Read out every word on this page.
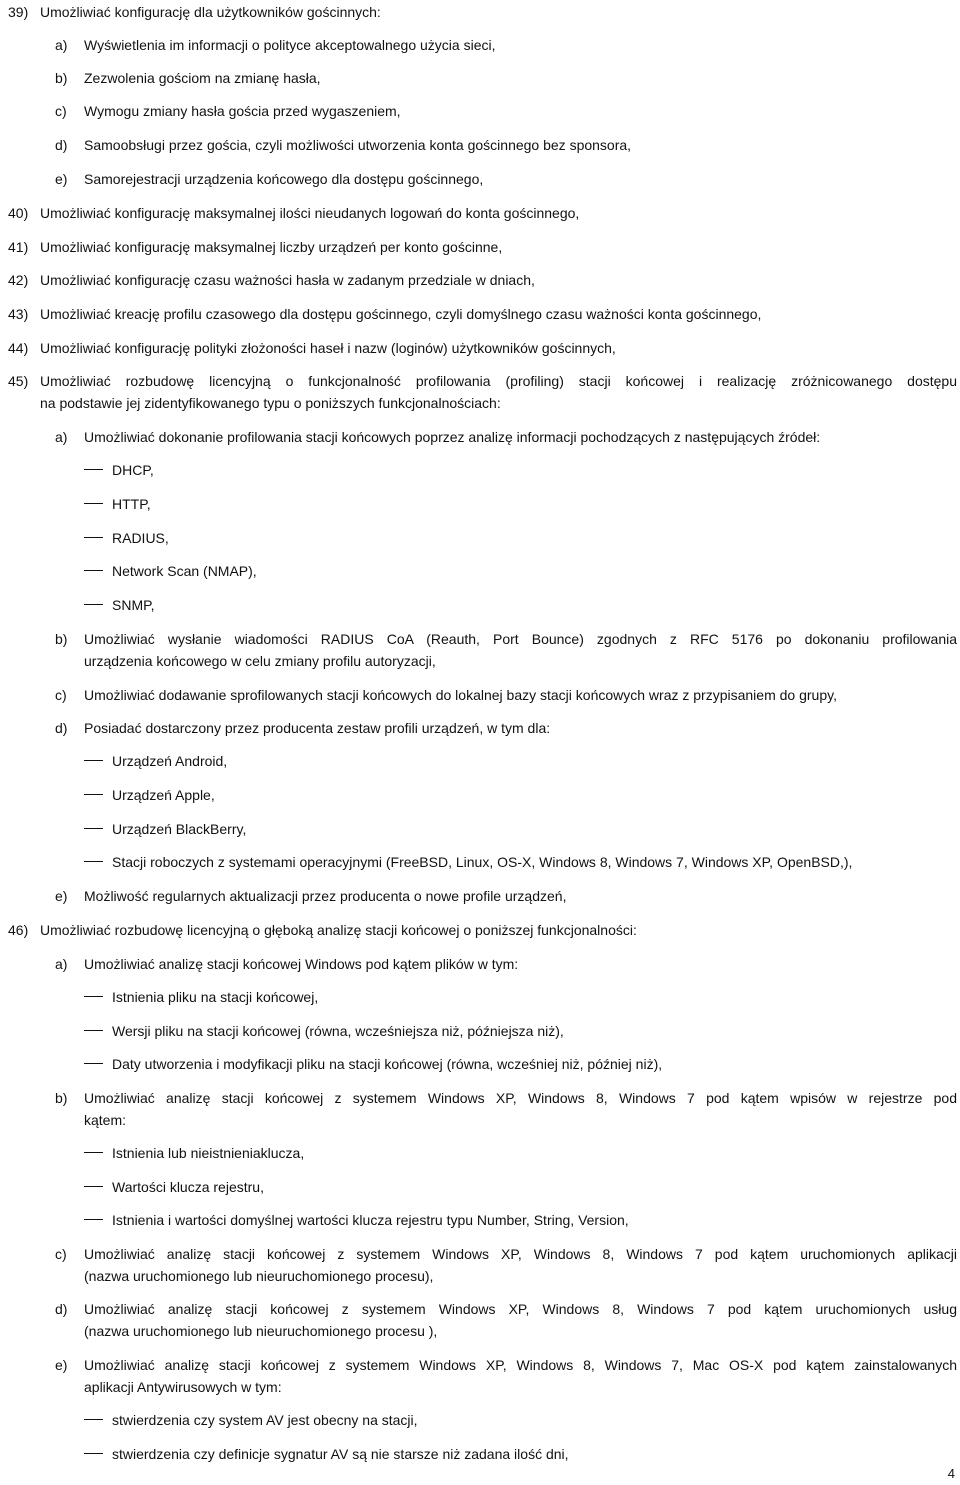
39) Umożliwiać konfigurację dla użytkowników gościnnych:
a) Wyświetlenia im informacji o polityce akceptowalnego użycia sieci,
b) Zezwolenia gościom na zmianę hasła,
c) Wymogu zmiany hasła gościa przed wygaszeniem,
d) Samoobsługi przez gościa, czyli możliwości utworzenia konta gościnnego bez sponsora,
e) Samorejestracji urządzenia końcowego dla dostępu gościnnego,
40) Umożliwiać konfigurację maksymalnej ilości nieudanych logowań do konta gościnnego,
41) Umożliwiać konfigurację maksymalnej liczby urządzeń per konto gościnne,
42) Umożliwiać konfigurację czasu ważności hasła w zadanym przedziale w dniach,
43) Umożliwiać kreację profilu czasowego dla dostępu gościnnego, czyli domyślnego czasu ważności konta gościnnego,
44) Umożliwiać konfigurację polityki złożoności haseł i nazw (loginów) użytkowników gościnnych,
45) Umożliwiać rozbudowę licencyjną o funkcjonalność profilowania (profiling) stacji końcowej i realizację zróżnicowanego dostępu
na podstawie jej zidentyfikowanego typu o poniższych funkcjonalnościach:
a) Umożliwiać dokonanie profilowania stacji końcowych poprzez analizę informacji pochodzących z następujących źródeł:
DHCP,
HTTP,
RADIUS,
Network Scan (NMAP),
SNMP,
b) Umożliwiać wysłanie wiadomości RADIUS CoA (Reauth, Port Bounce) zgodnych z RFC 5176 po dokonaniu profilowania
urządzenia końcowego w celu zmiany profilu autoryzacji,
c) Umożliwiać dodawanie sprofilowanych stacji końcowych do lokalnej bazy stacji końcowych wraz z przypisaniem do grupy,
d) Posiadać dostarczony przez producenta zestaw profili urządzeń, w tym dla:
Urządzeń Android,
Urządzeń Apple,
Urządzeń BlackBerry,
Stacji roboczych z systemami operacyjnymi (FreeBSD, Linux, OS-X, Windows 8, Windows 7, Windows XP, OpenBSD,),
e) Możliwość regularnych aktualizacji przez producenta o nowe profile urządzeń,
46) Umożliwiać rozbudowę licencyjną o głęboką analizę stacji końcowej o poniższej funkcjonalności:
a) Umożliwiać analizę stacji końcowej Windows pod kątem plików w tym:
Istnienia pliku na stacji końcowej,
Wersji pliku na stacji końcowej (równa, wcześniejsza niż, późniejsza niż),
Daty utworzenia i modyfikacji pliku na stacji końcowej (równa, wcześniej niż, później niż),
b) Umożliwiać analizę stacji końcowej z systemem Windows XP, Windows 8, Windows 7 pod kątem wpisów w rejestrze pod
kątem:
Istnienia lub nieistnieniaklucza,
Wartości klucza rejestru,
Istnienia i wartości domyślnej wartości klucza rejestru typu Number, String, Version,
c) Umożliwiać analizę stacji końcowej z systemem Windows XP, Windows 8, Windows 7 pod kątem uruchomionych aplikacji
(nazwa uruchomionego lub nieuruchomionego procesu),
d) Umożliwiać analizę stacji końcowej z systemem Windows XP, Windows 8, Windows 7 pod kątem uruchomionych usług
(nazwa uruchomionego lub nieuruchomionego procesu ),
e) Umożliwiać analizę stacji końcowej z systemem Windows XP, Windows 8, Windows 7, Mac OS-X pod kątem zainstalowanych
aplikacji Antywirusowych w tym:
stwierdzenia czy system AV jest obecny na stacji,
stwierdzenia czy definicje sygnatur AV są nie starsze niż zadana ilość dni,
4
